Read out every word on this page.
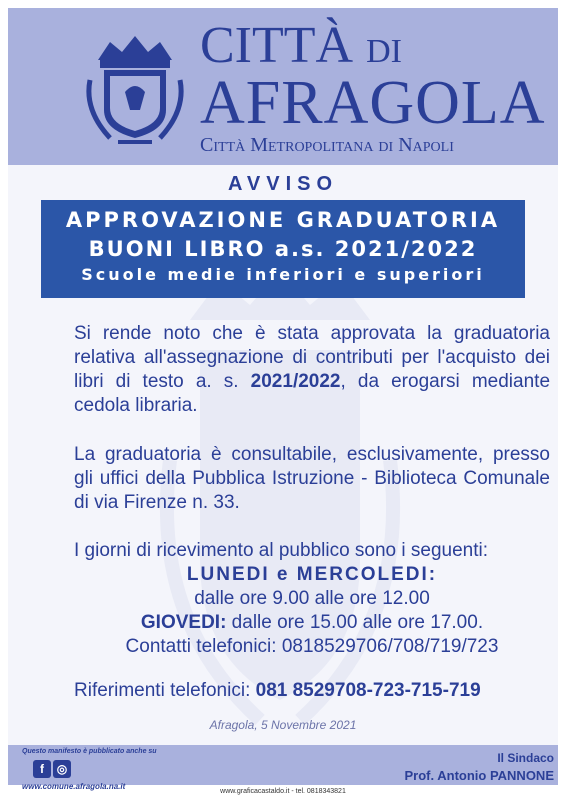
CITTÀ DI
AFRAGOLA
Città Metropolitana di Napoli
AVVISO
APPROVAZIONE GRADUATORIA
BUONI LIBRO a.s. 2021/2022
Scuole medie inferiori e superiori
Si rende noto che è stata approvata la graduatoria relativa all'assegnazione di contributi per l'acquisto dei libri di testo a. s. 2021/2022, da erogarsi mediante cedola libraria.
La graduatoria è consultabile, esclusivamente, presso gli uffici della Pubblica Istruzione - Biblioteca Comunale di via Firenze n. 33.
I giorni di ricevimento al pubblico sono i seguenti:
LUNEDI e MERCOLEDI:
dalle ore 9.00 alle ore 12.00
GIOVEDI: dalle ore 15.00 alle ore 17.00.
Contatti telefonici: 0818529706/708/719/723
Riferimenti telefonici: 081 8529708-723-715-719
Afragola, 5 Novembre 2021
Questo manifesto è pubblicato anche su
f	◎
www.comune.afragola.na.it
Il Sindaco
Prof. Antonio PANNONE
www.graficacastaldo.it - tel. 0818343821
